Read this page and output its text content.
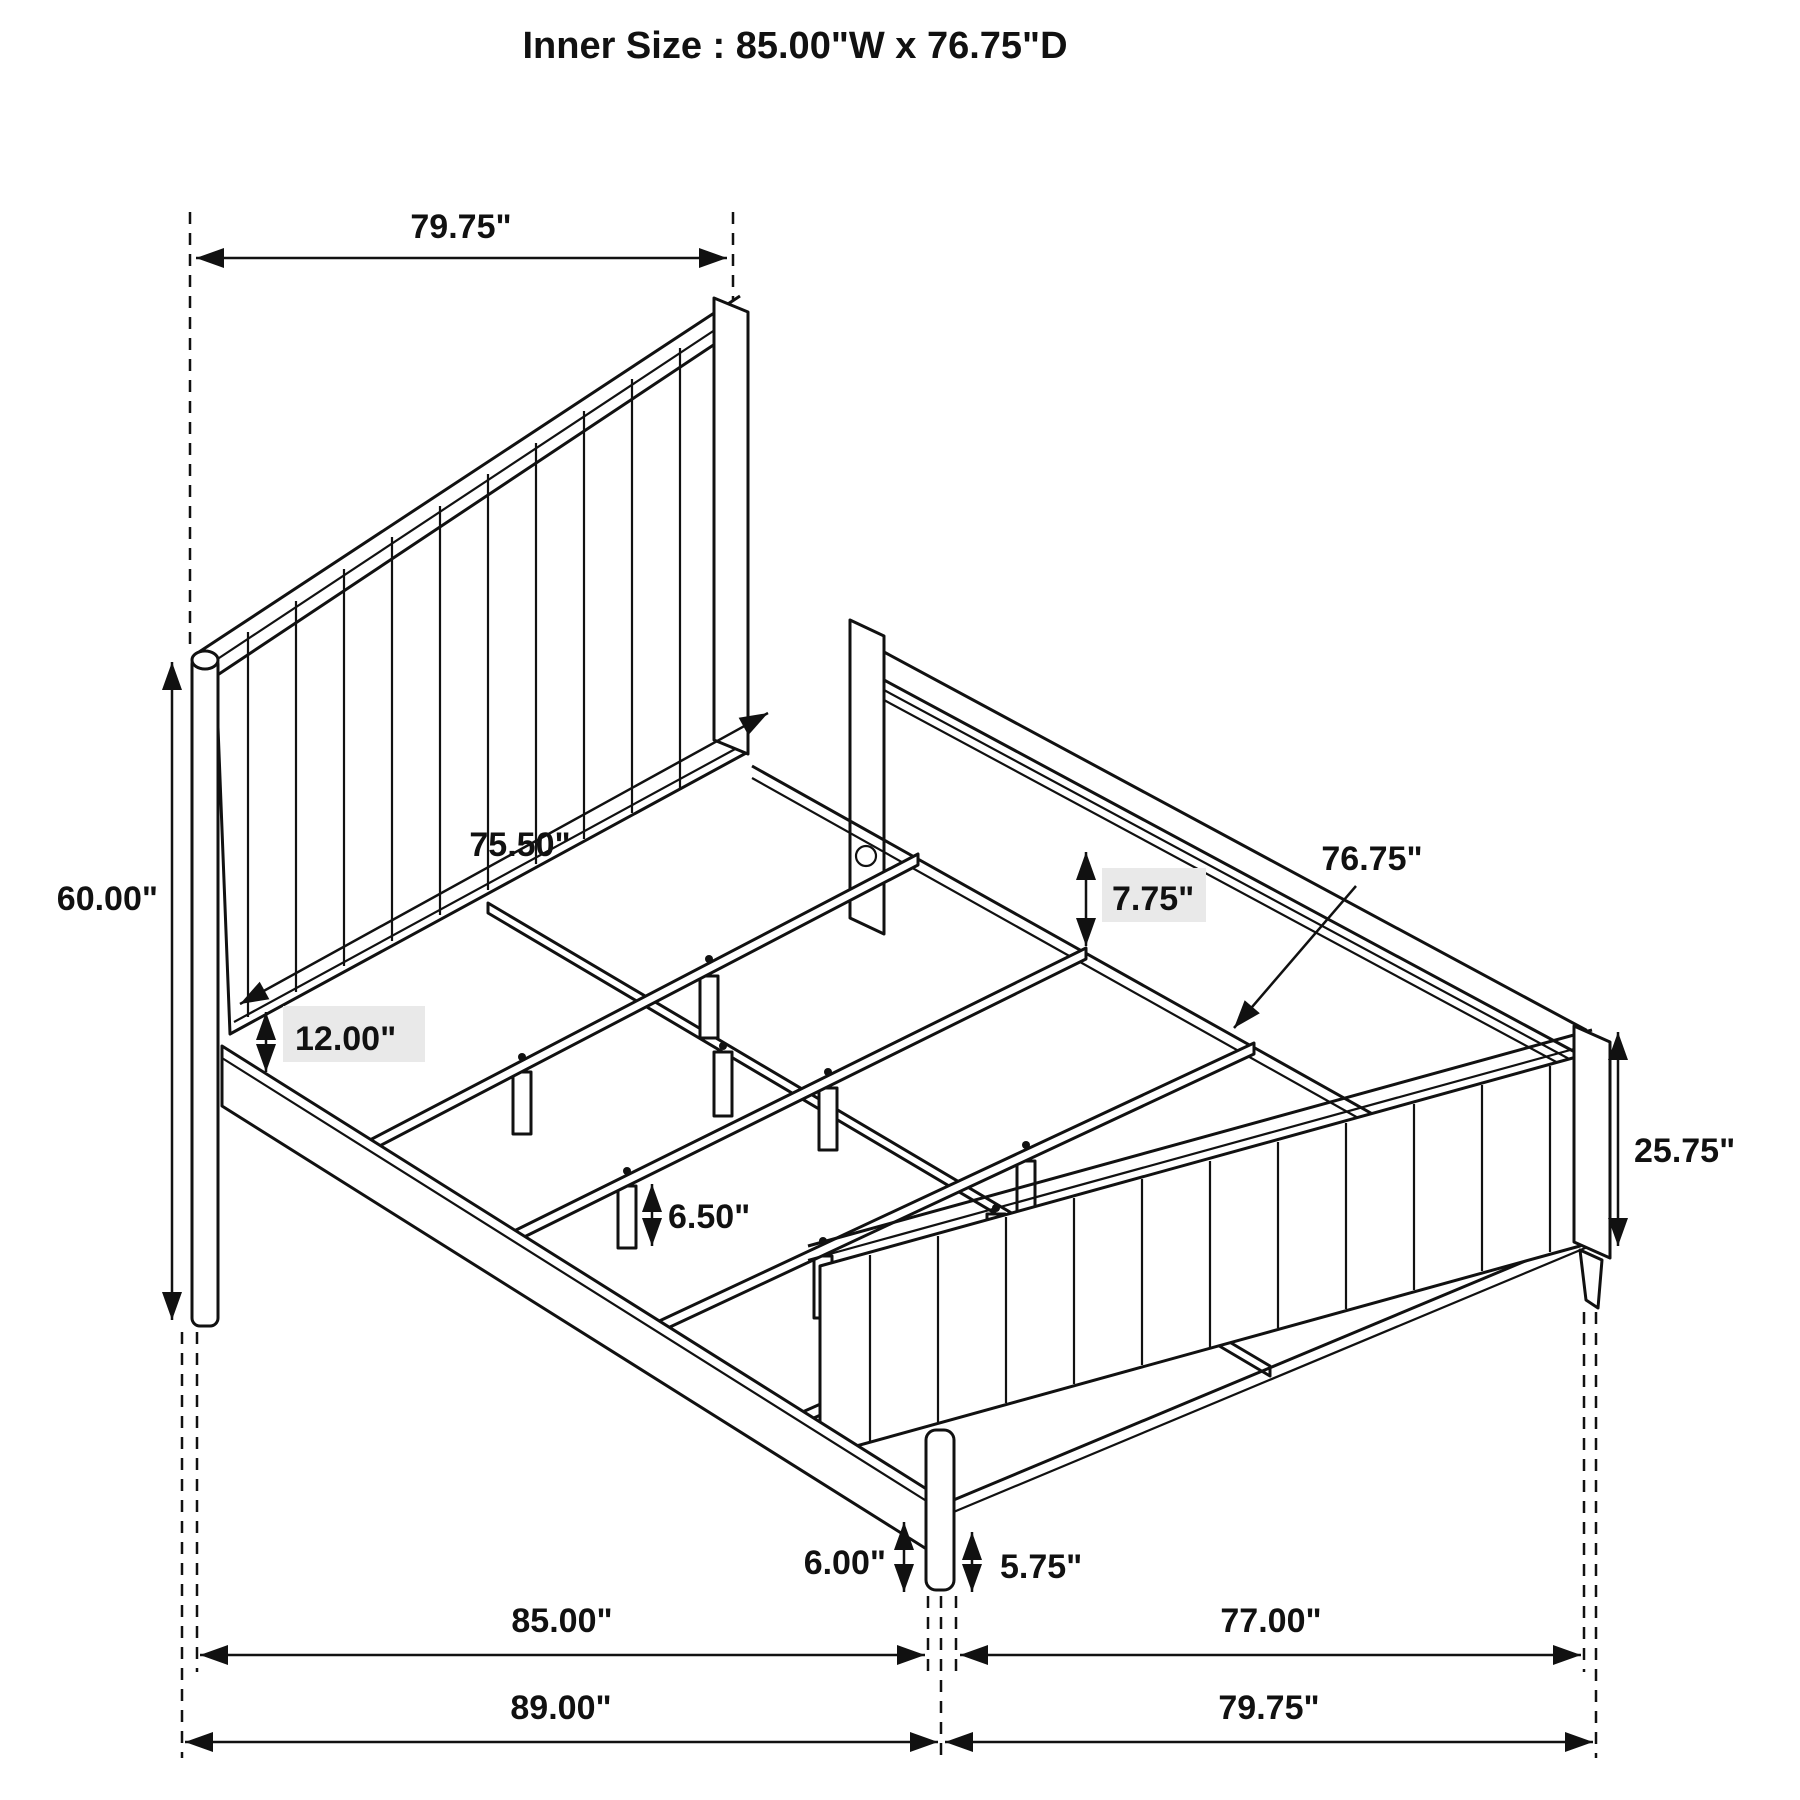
Inner Size : 85.00"W x 76.75"D
79.75"
60.00"
75.50"
12.00"
7.75"
76.75"
6.50"
25.75"
6.00"	5.75"
85.00"	77.00"
89.00"	79.75"
